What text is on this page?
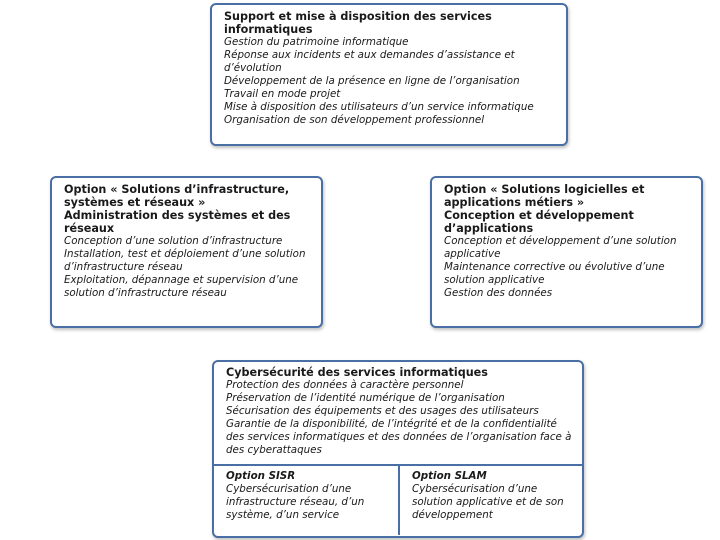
Support et mise à disposition des services informatiques
Gestion du patrimoine informatique
Réponse aux incidents et aux demandes d’assistance et d’évolution
Développement de la présence en ligne de l’organisation
Travail en mode projet
Mise à disposition des utilisateurs d’un service informatique
Organisation de son développement professionnel
Option « Solutions d’infrastructure, systèmes et réseaux »
Administration des systèmes et des réseaux
Conception d’une solution d’infrastructure
Installation, test et déploiement d’une solution d’infrastructure réseau
Exploitation, dépannage et supervision d’une solution d’infrastructure réseau
Option « Solutions logicielles et applications métiers »
Conception et développement d’applications
Conception et développement d’une solution applicative
Maintenance corrective ou évolutive d’une solution applicative
Gestion des données
Cybersécurité des services informatiques
Protection des données à caractère personnel
Préservation de l’identité numérique de l’organisation
Sécurisation des équipements et des usages des utilisateurs
Garantie de la disponibilité, de l’intégrité et de la confidentialité des services informatiques et des données de l’organisation face à des cyberattaques
Option SISR
Cybersécurisation d’une infrastructure réseau, d’un système, d’un service
Option SLAM
Cybersécurisation d’une solution applicative et de son développement
